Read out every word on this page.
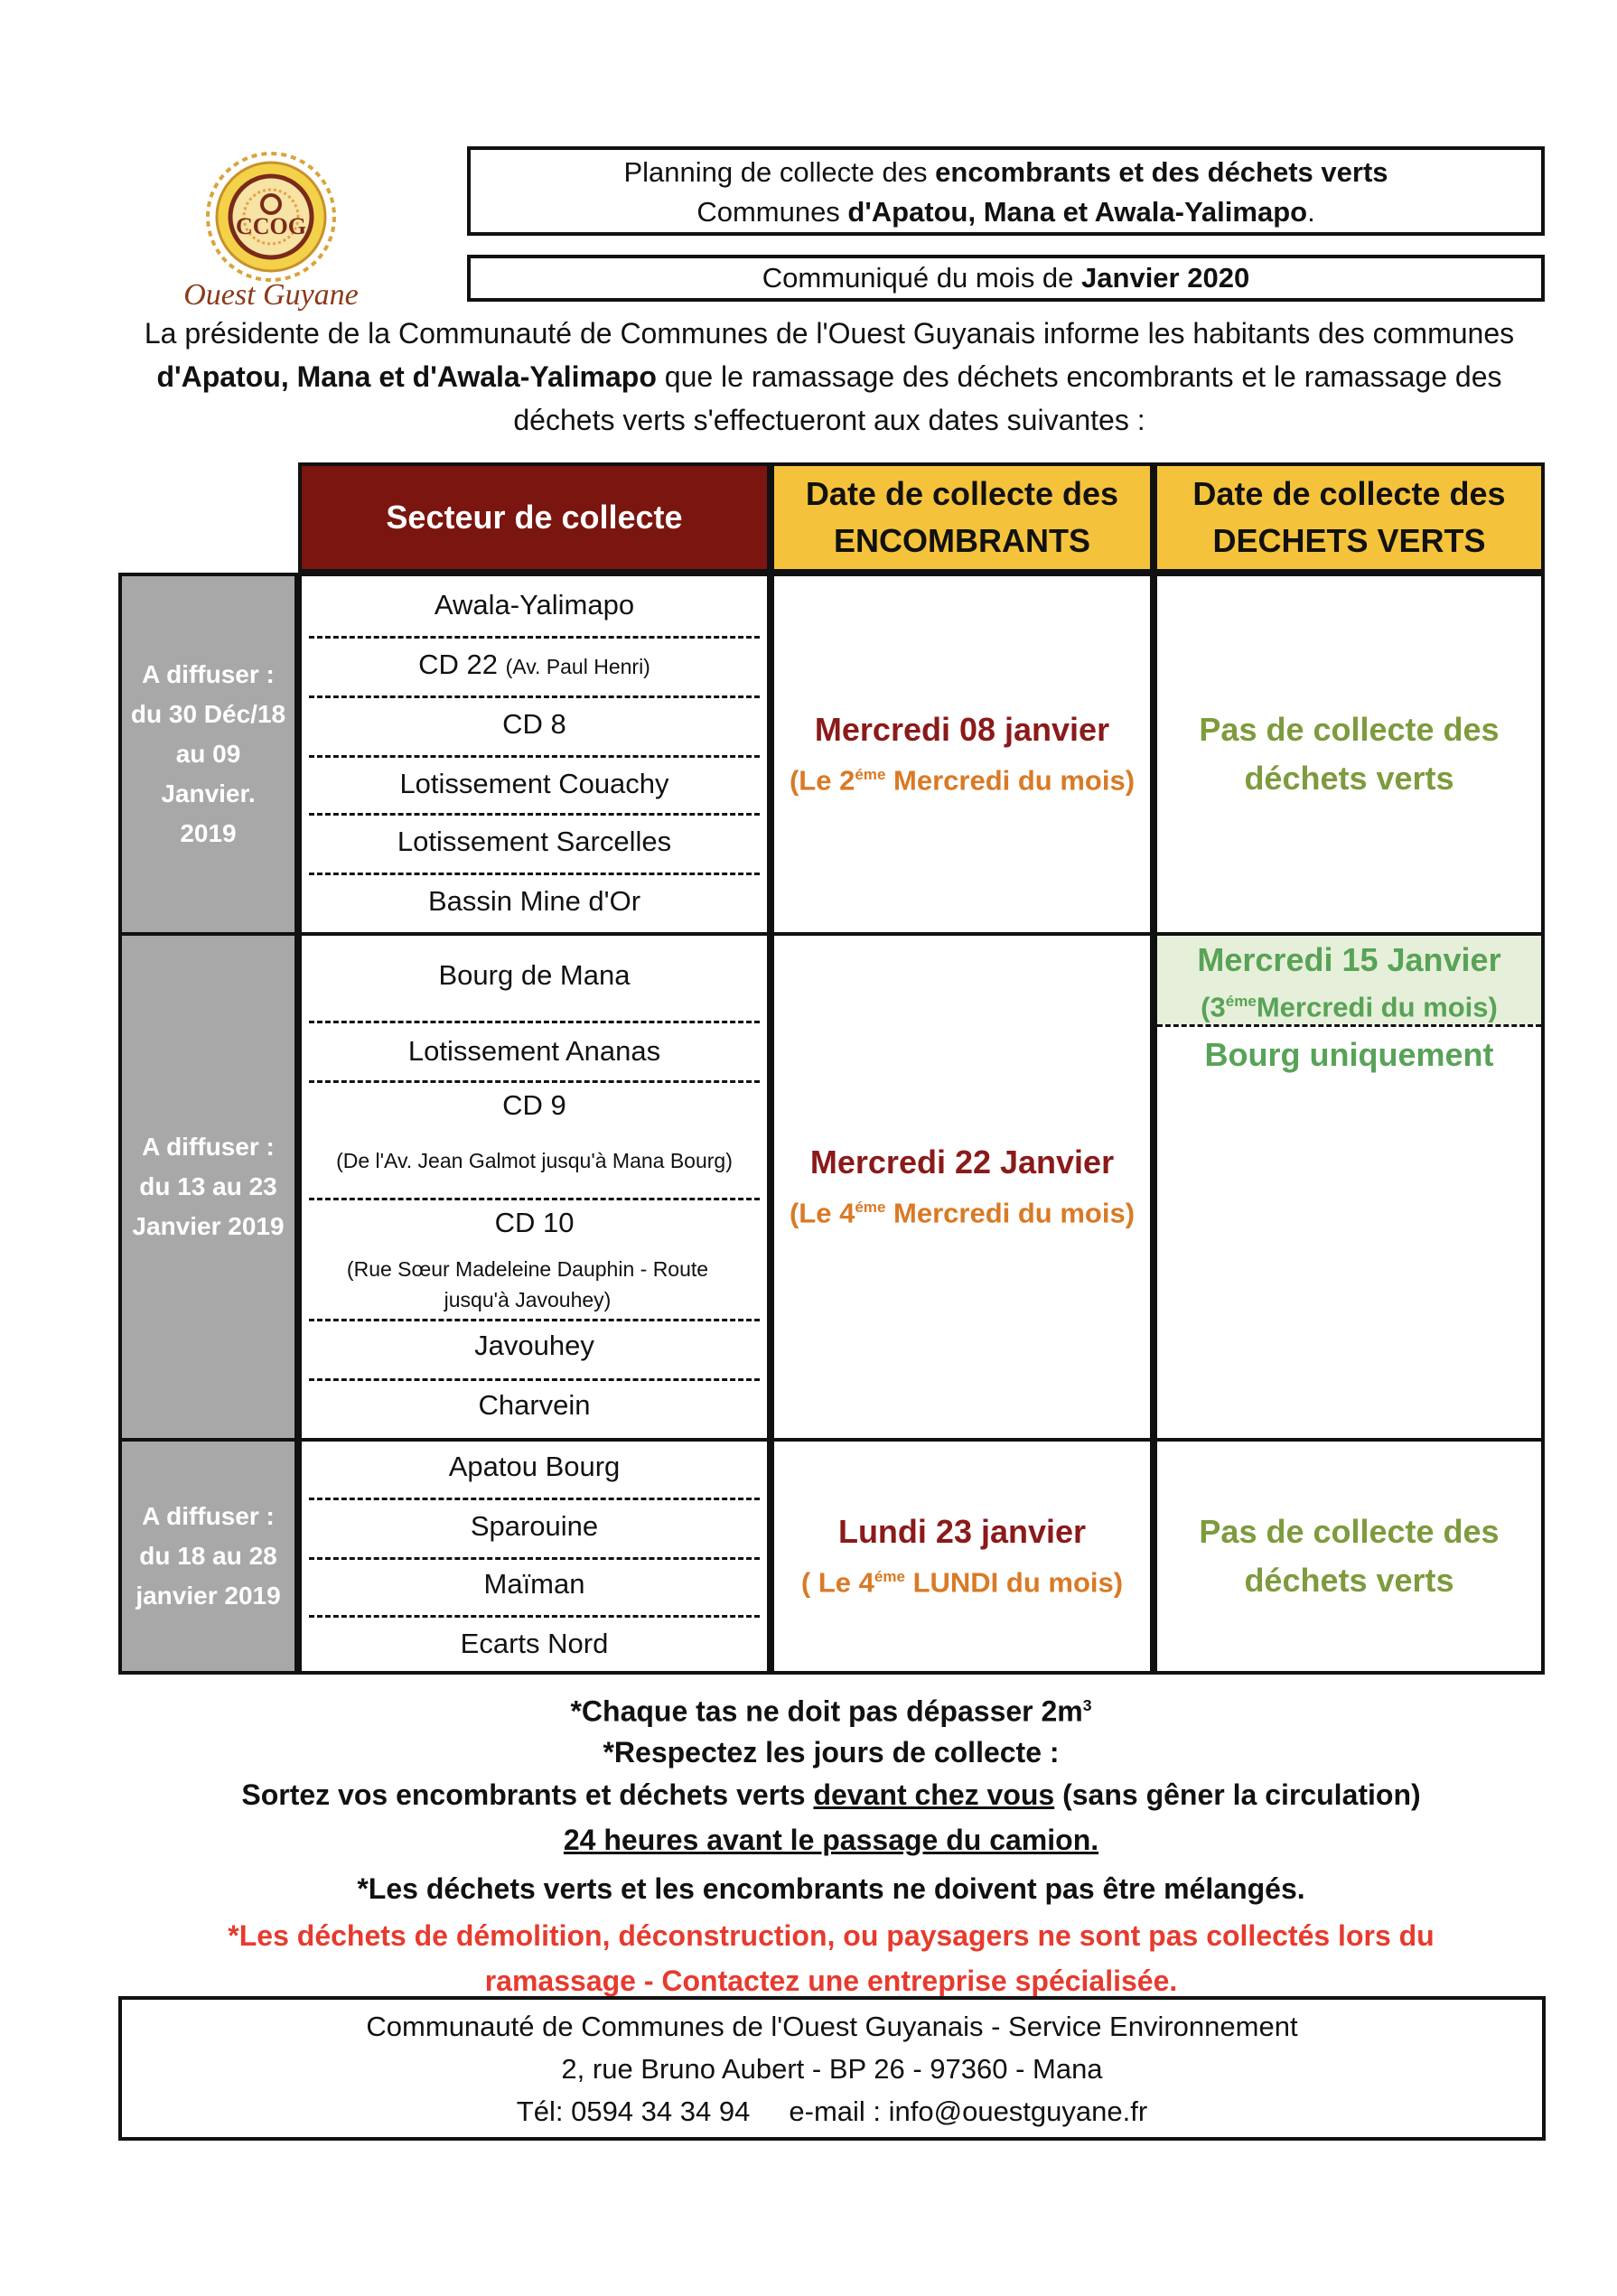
CCOG
Ouest Guyane
Planning de collecte des encombrants et des déchets verts
Communes d'Apatou, Mana et Awala-Yalimapo.
Communiqué du mois de Janvier 2020
La présidente de la Communauté de Communes de l'Ouest Guyanais informe les habitants des communes
d'Apatou, Mana et d'Awala-Yalimapo que le ramassage des déchets encombrants et le ramassage des
déchets verts s'effectueront aux dates suivantes :
Secteur de collecte
Date de collecte des
ENCOMBRANTS
Date de collecte des
DECHETS VERTS
A diffuser :
du 30 Déc/18
au 09
Janvier.
2019
Awala-Yalimapo
CD 22 (Av. Paul Henri)
CD 8
Lotissement Couachy
Lotissement Sarcelles
Bassin Mine d'Or
Mercredi 08 janvier
(Le $2^{éme}$ Mercredi du mois)
Pas de collecte des
déchets verts
A diffuser :
du 13 au 23
Janvier 2019
Bourg de Mana
Lotissement Ananas
CD 9
(De l'Av. Jean Galmot jusqu'à Mana Bourg)
CD 10
(Rue Sœur Madeleine Dauphin - Route jusqu'à Javouhey)
Javouhey
Charvein
Mercredi 22 Janvier
(Le $4^{éme}$ Mercredi du mois)
Mercredi 15 Janvier
($3^{éme}Mercredi$ du mois)
Bourg uniquement
A diffuser :
du 18 au 28
janvier 2019
Apatou Bourg
Sparouine
Maïman
Ecarts Nord
Lundi 23 janvier
( Le $4^{éme}$ LUNDI du mois)
Pas de collecte des
déchets verts
*Chaque tas ne doit pas dépasser $2m^3$
*Respectez les jours de collecte :
Sortez vos encombrants et déchets verts devant chez vous (sans gêner la circulation)
24 heures avant le passage du camion.
*Les déchets verts et les encombrants ne doivent pas être mélangés.
*Les déchets de démolition, déconstruction, ou paysagers ne sont pas collectés lors du
ramassage - Contactez une entreprise spécialisée.
Communauté de Communes de l'Ouest Guyanais - Service Environnement
2, rue Bruno Aubert - BP 26 - 97360 - Mana
Tél: 0594 34 34 94     e-mail : info@ouestguyane.fr
